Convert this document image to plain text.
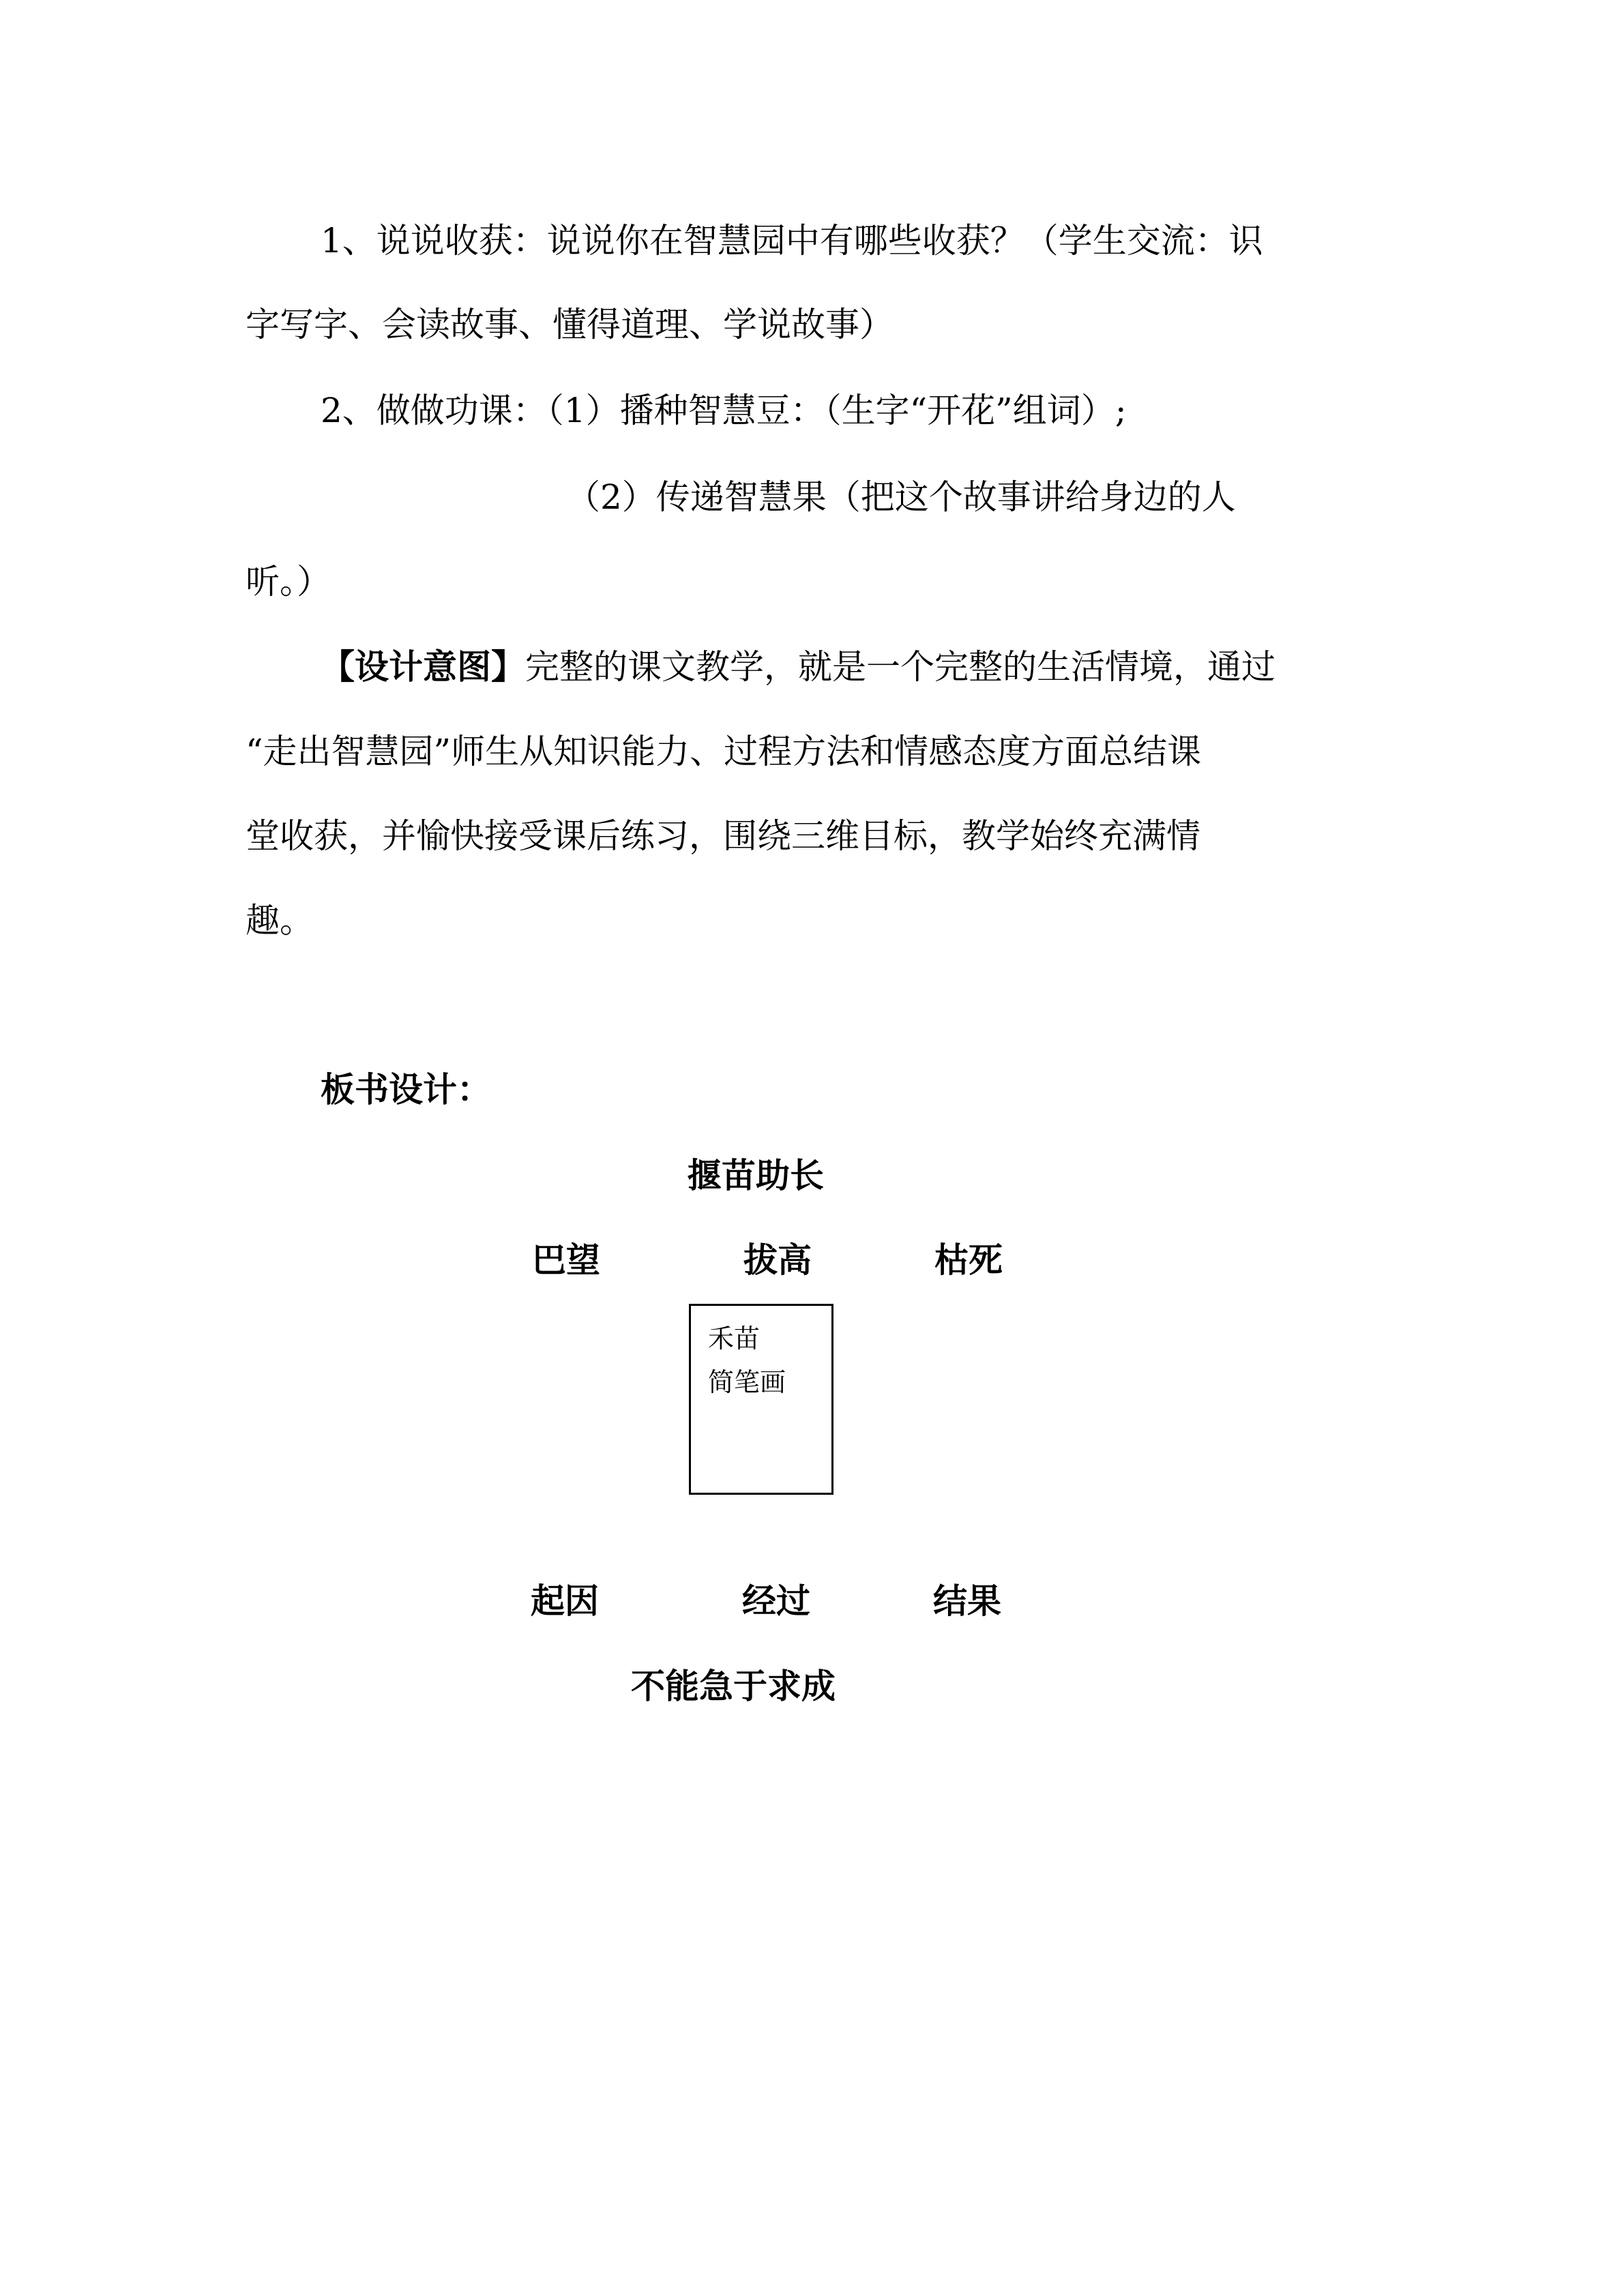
1、说说收获：说说你在智慧园中有哪些收获？（学生交流：识
字写字、会读故事、懂得道理、学说故事）
2、做做功课：（1）播种智慧豆：（生字“开花”组词）;
（2）传递智慧果（把这个故事讲给身边的人
听。）
【设计意图】完整的课文教学，就是一个完整的生活情境，通过
“走出智慧园”师生从知识能力、过程方法和情感态度方面总结课
堂收获，并愉快接受课后练习，围绕三维目标，教学始终充满情
趣。
板书设计：
揠苗助长
巴望	拔高	枯死
禾苗
简笔画
起因	经过	结果
不能急于求成
